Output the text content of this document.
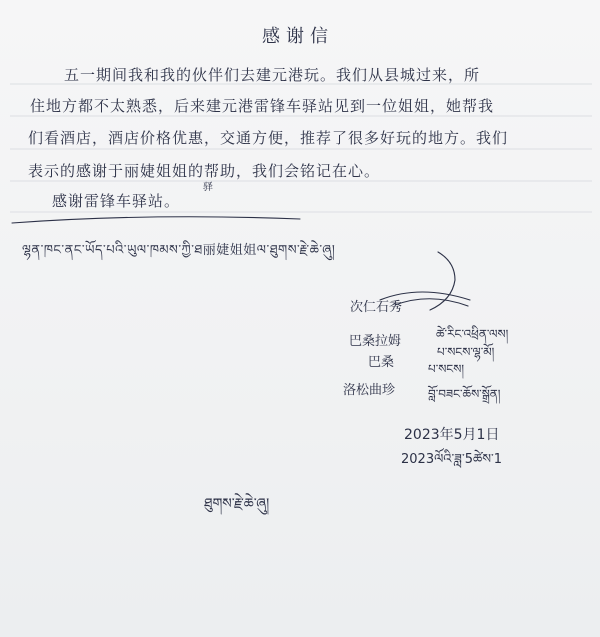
感谢信
五一期间我和我的伙伴们去建元港玩。我们从县城过来，所
住地方都不太熟悉，后来建元港雷锋车驿站见到一位姐姐，她帮我
们看酒店，酒店价格优惠，交通方便，推荐了很多好玩的地方。我们
表示的感谢于丽婕姐姐的帮助，我们会铭记在心。
感谢雷锋车驿站。
驿
ལྷན་ཁང་ནང་ཡོད་པའི་ཡུལ་ཁམས་ཀྱི་ཐ丽婕姐姐ལ་ཐུགས་རྗེ་ཆེ་ཞུ།
次仁石秀
ཚེ་རིང་འཕྲིན་ལས།
巴桑拉姆
པ་སངས་ལྷ་མོ།
巴桑	པ་སངས།
洛松曲珍	བློ་བཟང་ཆོས་སྒྲོན།
2023年5月1日
2023ལོའི་ཟླ་5ཚེས་1
ཐུགས་རྗེ་ཆེ་ཞུ།
